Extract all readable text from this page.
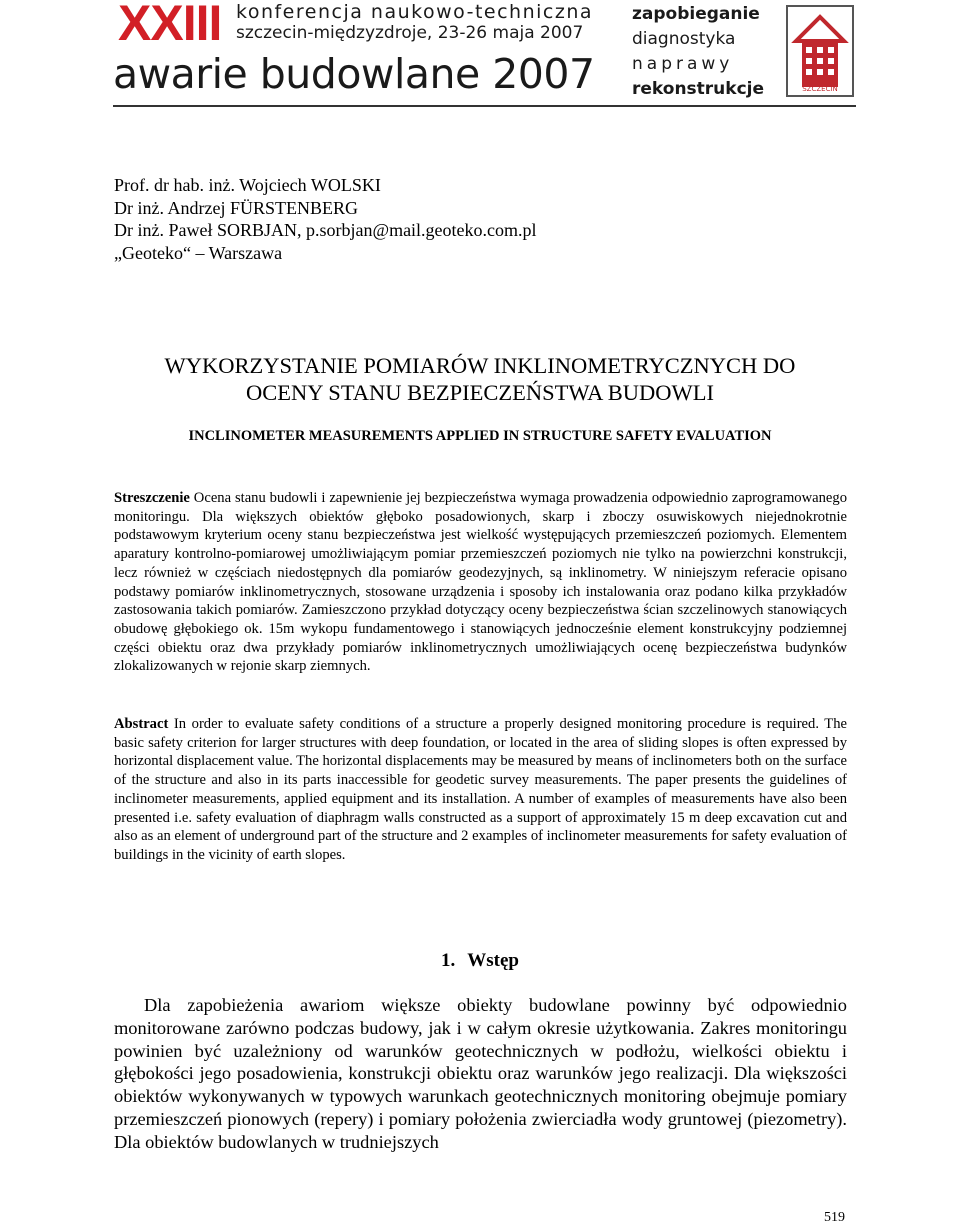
XXIII konferencja naukowo-techniczna
szczecin-międzyzdroje, 23-26 maja 2007
awarie budowlane 2007
zapobieganie
diagnostyka
naprawy
rekonstrukcje	SZCZECIN
Prof. dr hab. inż. Wojciech WOLSKI
Dr inż. Andrzej FÜRSTENBERG
Dr inż. Paweł SORBJAN, p.sorbjan@mail.geoteko.com.pl
„Geoteko“ – Warszawa
WYKORZYSTANIE POMIARÓW INKLINOMETRYCZNYCH DO
OCENY STANU BEZPIECZEŃSTWA BUDOWLI
INCLINOMETER MEASUREMENTS APPLIED IN STRUCTURE SAFETY EVALUATION
Streszczenie Ocena stanu budowli i zapewnienie jej bezpieczeństwa wymaga prowadzenia odpowiednio zaprogramowanego monitoringu. Dla większych obiektów głęboko posadowionych, skarp i zboczy osuwiskowych niejednokrotnie podstawowym kryterium oceny stanu bezpieczeństwa jest wielkość występujących przemieszczeń poziomych. Elementem aparatury kontrolno-pomiarowej umożliwiającym pomiar przemieszczeń poziomych nie tylko na powierzchni konstrukcji, lecz również w częściach niedostępnych dla pomiarów geodezyjnych, są inklinometry. W niniejszym referacie opisano podstawy pomiarów inklinometrycznych, stosowane urządzenia i sposoby ich instalowania oraz podano kilka przykładów zastosowania takich pomiarów. Zamieszczono przykład dotyczący oceny bezpieczeństwa ścian szczelinowych stanowiących obudowę głębokiego ok. 15m wykopu fundamentowego i stanowiących jednocześnie element konstrukcyjny podziemnej części obiektu oraz dwa przykłady pomiarów inklinometrycznych umożliwiających ocenę bezpieczeństwa budynków zlokalizowanych w rejonie skarp ziemnych.
Abstract In order to evaluate safety conditions of a structure a properly designed monitoring procedure is required. The basic safety criterion for larger structures with deep foundation, or located in the area of sliding slopes is often expressed by horizontal displacement value. The horizontal displacements may be measured by means of inclinometers both on the surface of the structure and also in its parts inaccessible for geodetic survey measurements. The paper presents the guidelines of inclinometer measurements, applied equipment and its installation. A number of examples of measurements have also been presented i.e. safety evaluation of diaphragm walls constructed as a support of approximately 15 m deep excavation cut and also as an element of underground part of the structure and 2 examples of inclinometer measurements for safety evaluation of buildings in the vicinity of earth slopes.
1. Wstęp
Dla zapobieżenia awariom większe obiekty budowlane powinny być odpowiednio monitorowane zarówno podczas budowy, jak i w całym okresie użytkowania. Zakres monitoringu powinien być uzależniony od warunków geotechnicznych w podłożu, wielkości obiektu i głębokości jego posadowienia, konstrukcji obiektu oraz warunków jego realizacji. Dla większości obiektów wykonywanych w typowych warunkach geotechnicznych monitoring obejmuje pomiary przemieszczeń pionowych (repery) i pomiary położenia zwierciadła wody gruntowej (piezometry). Dla obiektów budowlanych w trudniejszych
519
